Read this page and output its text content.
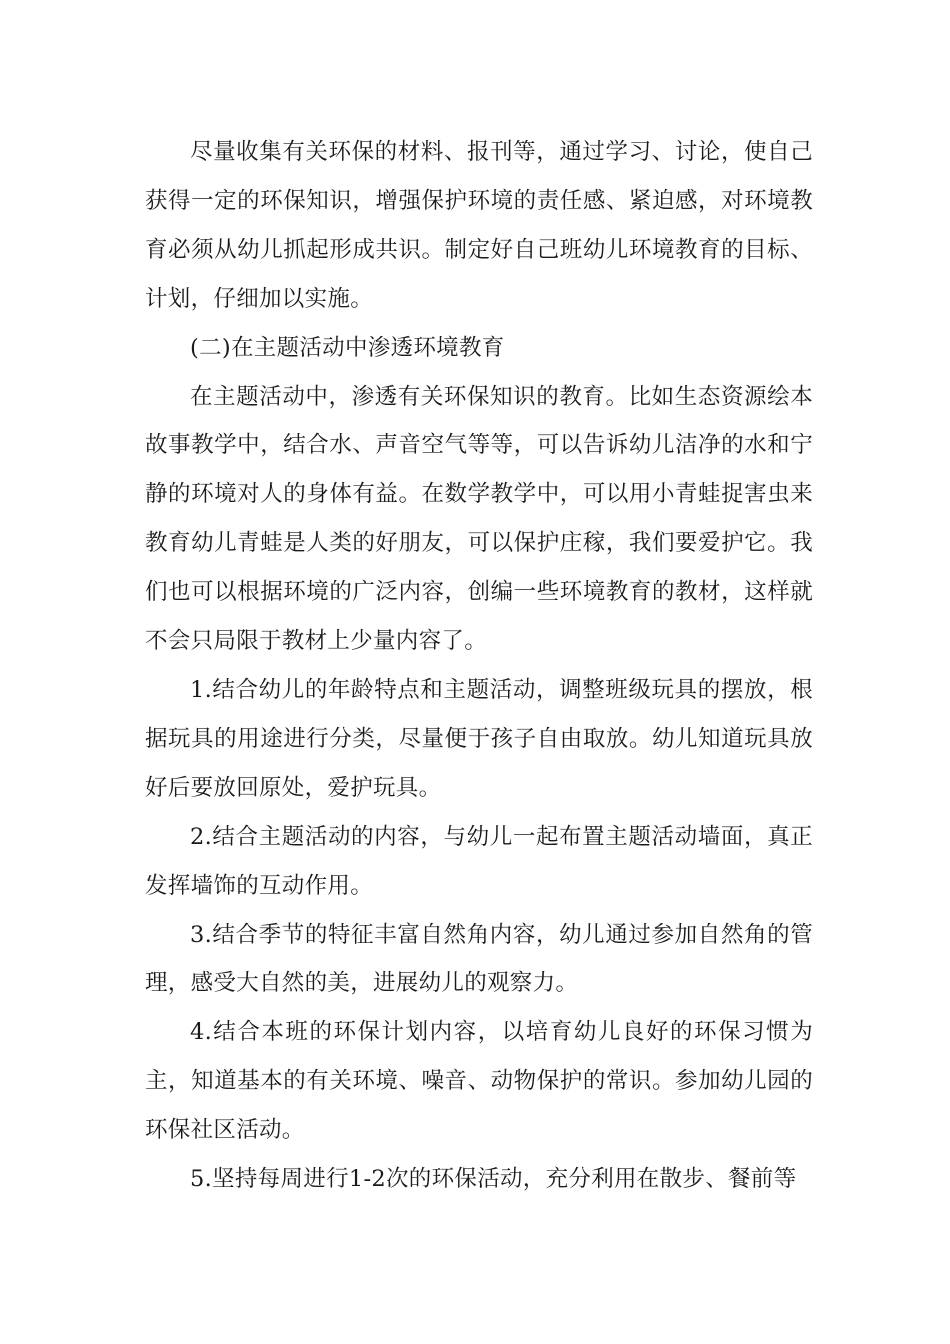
尽量收集有关环保的材料、报刊等，通过学习、讨论，使自己获得一定的环保知识，增强保护环境的责任感、紧迫感，对环境教育必须从幼儿抓起形成共识。制定好自己班幼儿环境教育的目标、计划，仔细加以实施。

(二)在主题活动中渗透环境教育

在主题活动中，渗透有关环保知识的教育。比如生态资源绘本故事教学中，结合水、声音空气等等，可以告诉幼儿洁净的水和宁静的环境对人的身体有益。在数学教学中，可以用小青蛙捉害虫来教育幼儿青蛙是人类的好朋友，可以保护庄稼，我们要爱护它。我们也可以根据环境的广泛内容，创编一些环境教育的教材，这样就不会只局限于教材上少量内容了。

1.结合幼儿的年龄特点和主题活动，调整班级玩具的摆放，根据玩具的用途进行分类，尽量便于孩子自由取放。幼儿知道玩具放好后要放回原处，爱护玩具。

2.结合主题活动的内容，与幼儿一起布置主题活动墙面，真正发挥墙饰的互动作用。

3.结合季节的特征丰富自然角内容，幼儿通过参加自然角的管理，感受大自然的美，进展幼儿的观察力。

4.结合本班的环保计划内容，以培育幼儿良好的环保习惯为主，知道基本的有关环境、噪音、动物保护的常识。参加幼儿园的环保社区活动。

5.坚持每周进行1-2次的环保活动，充分利用在散步、餐前等
